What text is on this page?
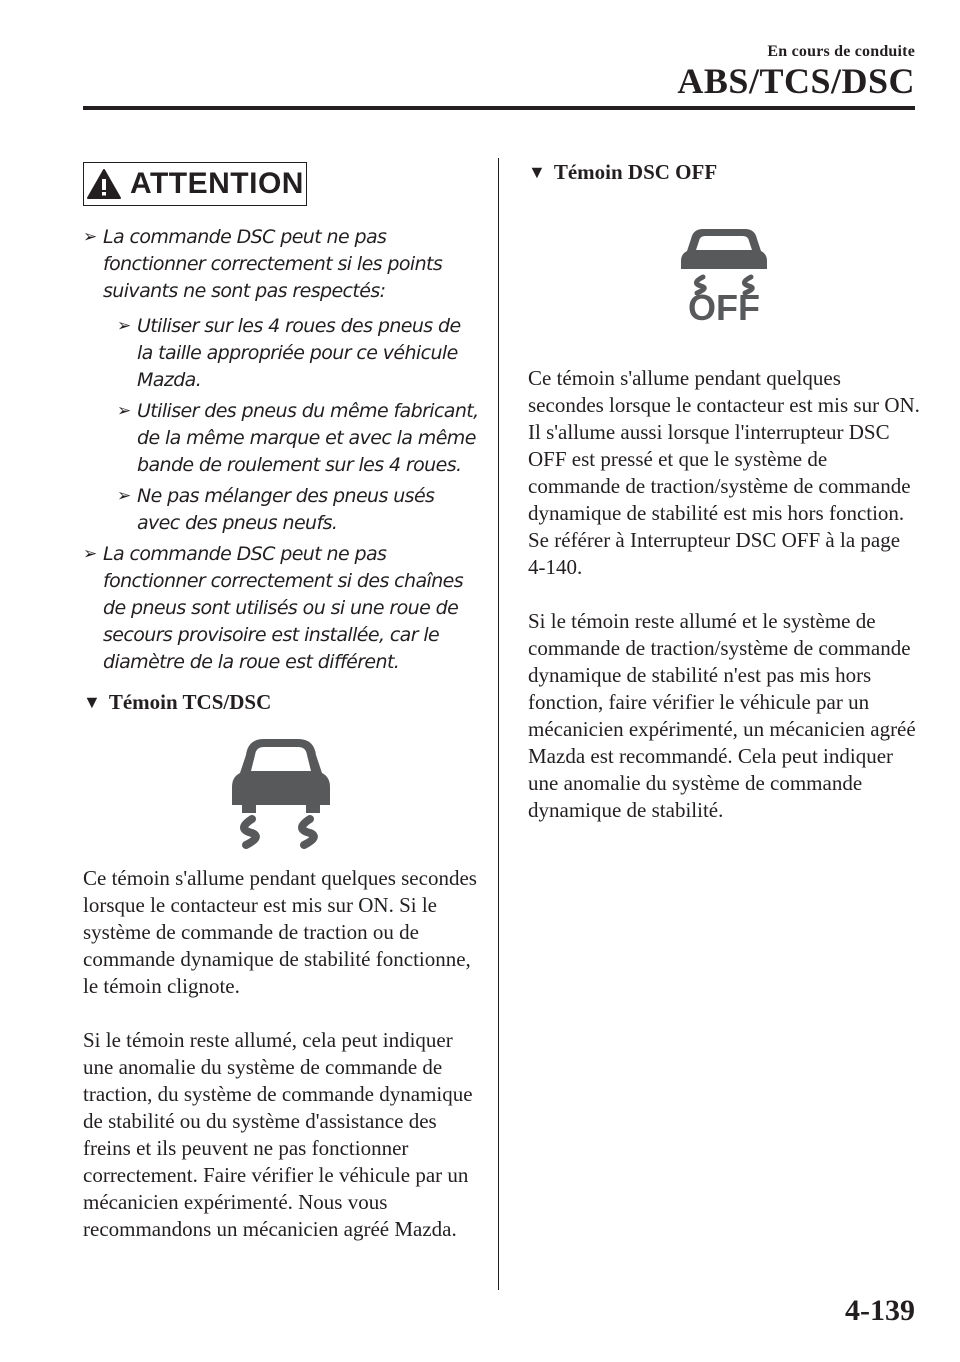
En cours de conduite
ABS/TCS/DSC
ATTENTION
➢ La commande DSC peut ne pas fonctionner correctement si les points suivants ne sont pas respectés:
➢ Utiliser sur les 4 roues des pneus de la taille appropriée pour ce véhicule Mazda.
➢ Utiliser des pneus du même fabricant, de la même marque et avec la même bande de roulement sur les 4 roues.
➢ Ne pas mélanger des pneus usés avec des pneus neufs.
➢ La commande DSC peut ne pas fonctionner correctement si des chaînes de pneus sont utilisés ou si une roue de secours provisoire est installée, car le diamètre de la roue est différent.
▼ Témoin TCS/DSC

Ce témoin s'allume pendant quelques secondes lorsque le contacteur est mis sur ON. Si le système de commande de traction ou de commande dynamique de stabilité fonctionne, le témoin clignote.

Si le témoin reste allumé, cela peut indiquer une anomalie du système de commande de traction, du système de commande dynamique de stabilité ou du système d'assistance des freins et ils peuvent ne pas fonctionner correctement. Faire vérifier le véhicule par un mécanicien expérimenté. Nous vous recommandons un mécanicien agréé Mazda.

▼ Témoin DSC OFF
OFF

Ce témoin s'allume pendant quelques secondes lorsque le contacteur est mis sur ON.

Il s'allume aussi lorsque l'interrupteur DSC OFF est pressé et que le système de commande de traction/système de commande dynamique de stabilité est mis hors fonction.

Se référer à Interrupteur DSC OFF à la page 4-140.

Si le témoin reste allumé et le système de commande de traction/système de commande dynamique de stabilité n'est pas mis hors fonction, faire vérifier le véhicule par un mécanicien expérimenté, un mécanicien agréé Mazda est recommandé. Cela peut indiquer une anomalie du système de commande dynamique de stabilité.

4-139
